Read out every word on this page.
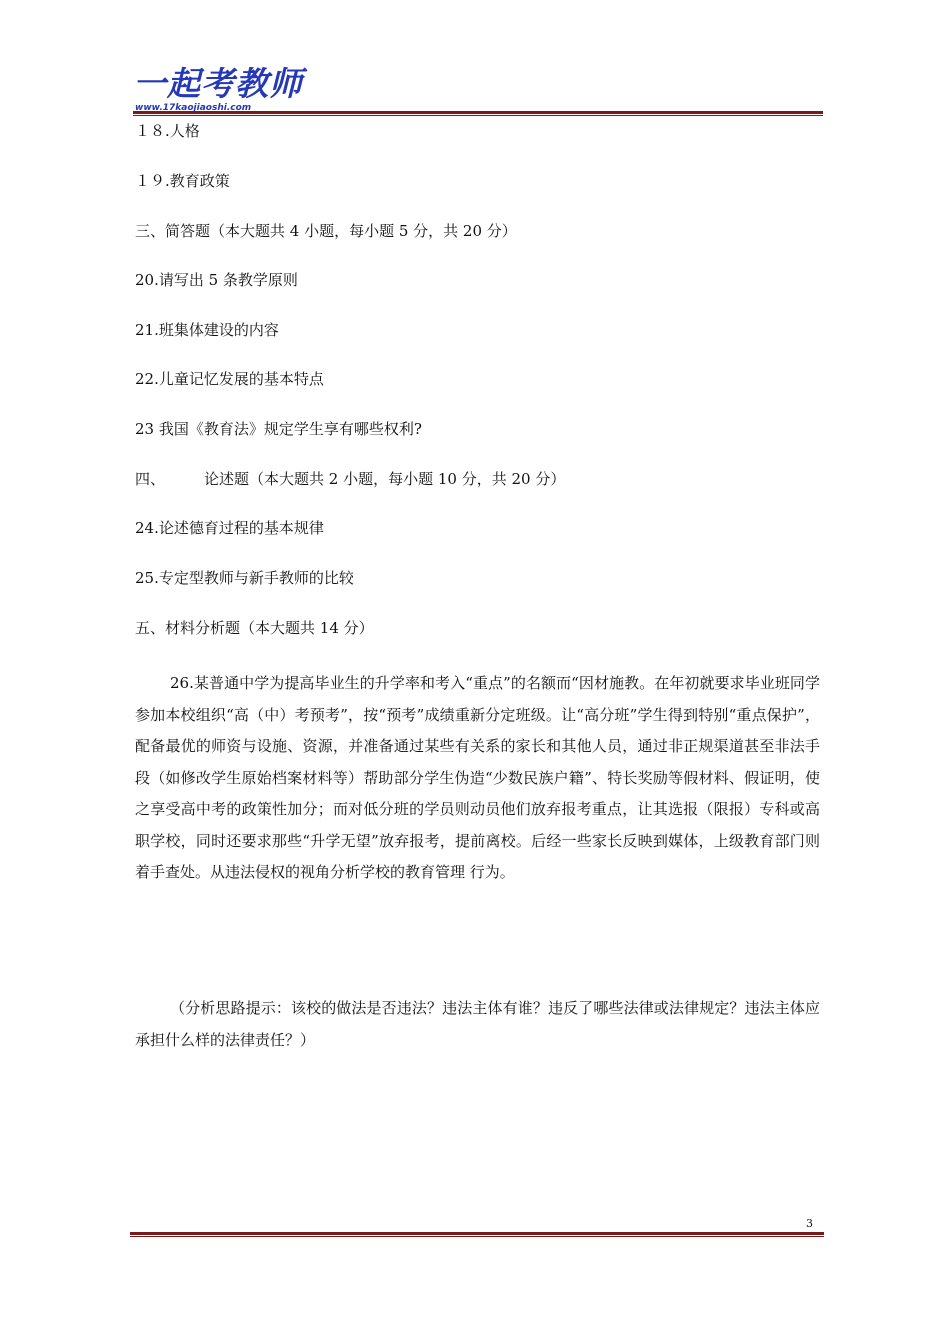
一起考教师
www.17kaojiaoshi.com
１８.人格
１９.教育政策
三、简答题（本大题共 4 小题，每小题 5 分，共 20 分）
20.请写出 5 条教学原则
21.班集体建设的内容
22.儿童记忆发展的基本特点
23 我国《教育法》规定学生享有哪些权利?
四、	论述题（本大题共 2 小题，每小题 10 分，共 20 分）
24.论述德育过程的基本规律
25.专定型教师与新手教师的比较
五、材料分析题（本大题共 14 分）
26.某普通中学为提高毕业生的升学率和考入“重点”的名额而“因材施教。在年初就要求毕业班同学参加本校组织“高（中）考预考”，按“预考”成绩重新分定班级。让“高分班”学生得到特别“重点保护”，配备最优的师资与设施、资源，并准备通过某些有关系的家长和其他人员，通过非正规渠道甚至非法手段（如修改学生原始档案材料等）帮助部分学生伪造“少数民族户籍”、特长奖励等假材料、假证明，使之享受高中考的政策性加分；而对低分班的学员则动员他们放弃报考重点，让其选报（限报）专科或高职学校，同时还要求那些“升学无望”放弃报考，提前离校。后经一些家长反映到媒体，上级教育部门则着手查处。从违法侵权的视角分析学校的教育管理 行为。
（分析思路提示：该校的做法是否违法？违法主体有谁？违反了哪些法律或法律规定？违法主体应承担什么样的法律责任？）
3
